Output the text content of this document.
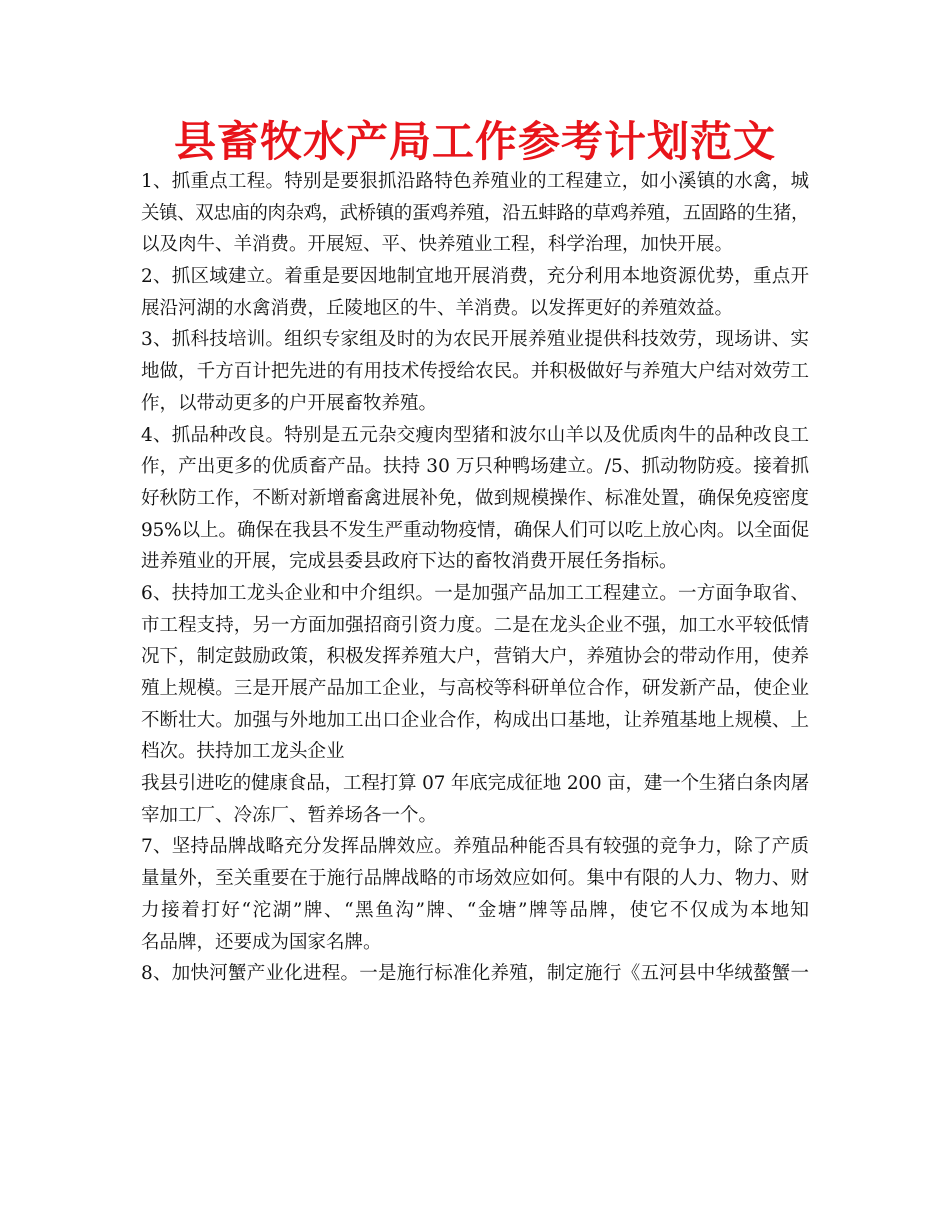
县畜牧水产局工作参考计划范文
1、抓重点工程。特别是要狠抓沿路特色养殖业的工程建立，如小溪镇的水禽，城
关镇、双忠庙的肉杂鸡，武桥镇的蛋鸡养殖，沿五蚌路的草鸡养殖，五固路的生猪，
以及肉牛、羊消费。开展短、平、快养殖业工程，科学治理，加快开展。
2、抓区域建立。着重是要因地制宜地开展消费，充分利用本地资源优势，重点开
展沿河湖的水禽消费，丘陵地区的牛、羊消费。以发挥更好的养殖效益。
3、抓科技培训。组织专家组及时的为农民开展养殖业提供科技效劳，现场讲、实
地做，千方百计把先进的有用技术传授给农民。并积极做好与养殖大户结对效劳工
作，以带动更多的户开展畜牧养殖。
4、抓品种改良。特别是五元杂交瘦肉型猪和波尔山羊以及优质肉牛的品种改良工
作，产出更多的优质畜产品。扶持 30 万只种鸭场建立。/5、抓动物防疫。接着抓
好秋防工作，不断对新增畜禽进展补免，做到规模操作、标准处置，确保免疫密度
95%以上。确保在我县不发生严重动物疫情，确保人们可以吃上放心肉。以全面促
进养殖业的开展，完成县委县政府下达的畜牧消费开展任务指标。
6、扶持加工龙头企业和中介组织。一是加强产品加工工程建立。一方面争取省、
市工程支持，另一方面加强招商引资力度。二是在龙头企业不强，加工水平较低情
况下，制定鼓励政策，积极发挥养殖大户，营销大户，养殖协会的带动作用，使养
殖上规模。三是开展产品加工企业，与高校等科研单位合作，研发新产品，使企业
不断壮大。加强与外地加工出口企业合作，构成出口基地，让养殖基地上规模、上
档次。扶持加工龙头企业
我县引进吃的健康食品，工程打算 07 年底完成征地 200 亩，建一个生猪白条肉屠
宰加工厂、冷冻厂、暂养场各一个。
7、坚持品牌战略充分发挥品牌效应。养殖品种能否具有较强的竞争力，除了产质
量量外，至关重要在于施行品牌战略的市场效应如何。集中有限的人力、物力、财
力接着打好“沱湖”牌、“黑鱼沟”牌、“金塘”牌等品牌，使它不仅成为本地知
名品牌，还要成为国家名牌。
8、加快河蟹产业化进程。一是施行标准化养殖，制定施行《五河县中华绒螯蟹一
